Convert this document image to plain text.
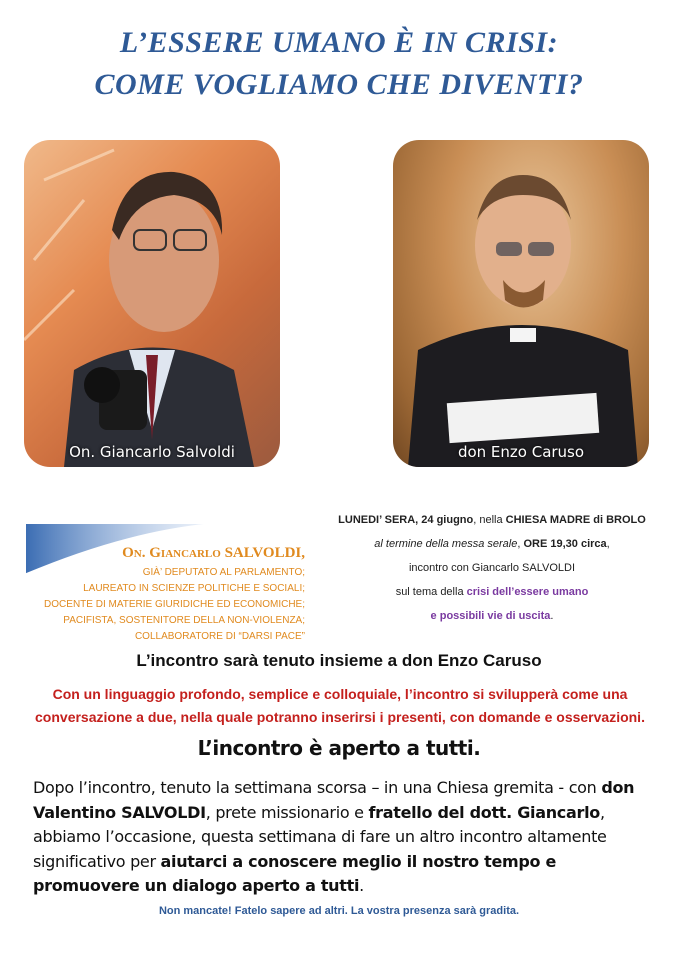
L’ESSERE UMANO È IN CRISI:
COME VOGLIAMO CHE DIVENTI?
On. Giancarlo Salvoldi	don Enzo Caruso
On. Giancarlo SALVOLDI,
GIÀ’ DEPUTATO AL PARLAMENTO;
LAUREATO IN SCIENZE POLITICHE E SOCIALI;
DOCENTE DI MATERIE GIURIDICHE ED ECONOMICHE;
PACIFISTA, SOSTENITORE DELLA NON-VIOLENZA;
COLLABORATORE DI “DARSI PACE”
LUNEDI’ SERA, 24 giugno, nella CHIESA MADRE di BROLO
al termine della messa serale, ORE 19,30 circa,
incontro con Giancarlo SALVOLDI
sul tema della crisi dell’essere umano
e possibili vie di uscita.
L’incontro sarà tenuto insieme a don Enzo Caruso
Con un linguaggio profondo, semplice e colloquiale, l’incontro si svilupperà come una conversazione a due, nella quale potranno inserirsi i presenti, con domande e osservazioni.
L’incontro è aperto a tutti.
Dopo l’incontro, tenuto la settimana scorsa – in una Chiesa gremita - con don Valentino SALVOLDI, prete missionario e fratello del dott. Giancarlo, abbiamo l’occasione, questa settimana di fare un altro incontro altamente significativo per aiutarci a conoscere meglio il nostro tempo e promuovere un dialogo aperto a tutti.
Non mancate! Fatelo sapere ad altri. La vostra presenza sarà gradita.
